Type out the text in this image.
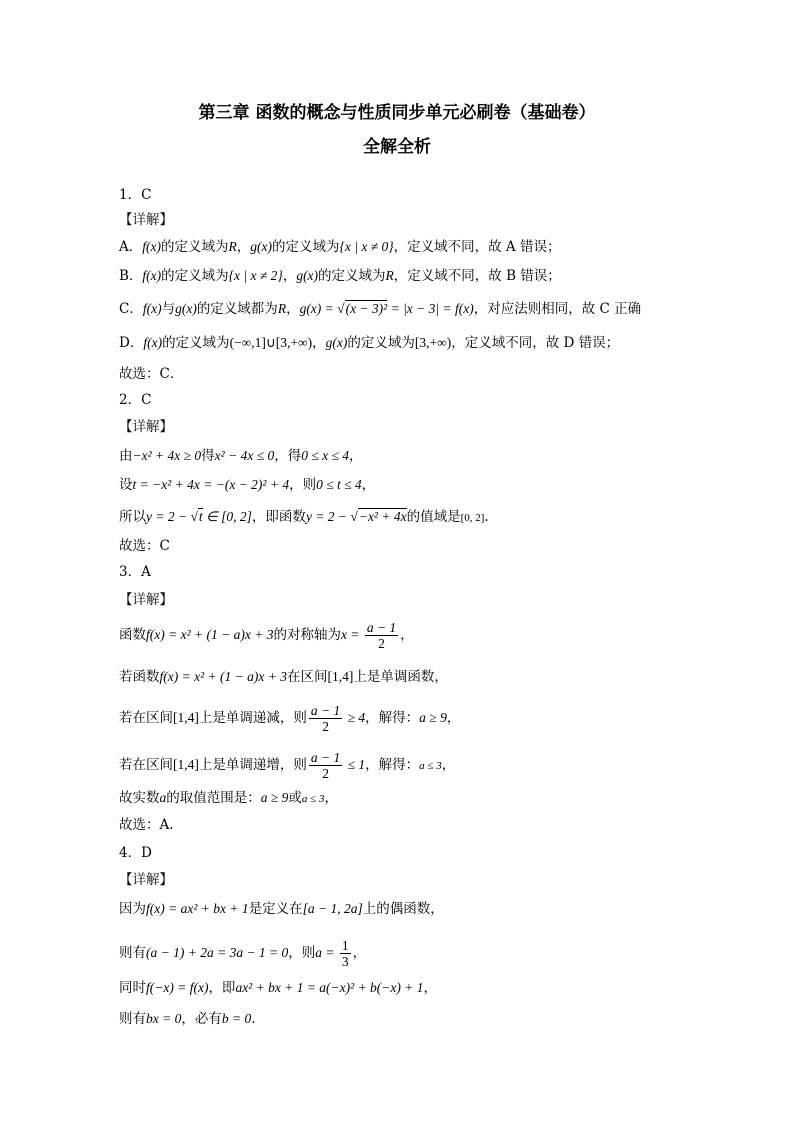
第三章 函数的概念与性质同步单元必刷卷（基础卷）
全解全析
1．C
【详解】
A．f(x)的定义域为R，g(x)的定义域为{x | x ≠ 0}，定义域不同，故 A 错误；
B．f(x)的定义域为{x | x ≠ 2}，g(x)的定义域为R，定义域不同，故 B 错误；
C．f(x)与g(x)的定义域都为R，g(x) = √(x − 3)² = |x − 3| = f(x)，对应法则相同，故 C 正确
D．f(x)的定义域为(−∞,1]∪[3,+∞)，g(x)的定义域为[3,+∞)，定义域不同，故 D 错误；
故选：C．
2．C
【详解】
由−x² + 4x ≥ 0得x² − 4x ≤ 0，得0 ≤ x ≤ 4，
设t = −x² + 4x = −(x − 2)² + 4，则0 ≤ t ≤ 4，
所以y = 2 − √t ∈ [0, 2]，即函数y = 2 − √−x² + 4x的值域是[0, 2].
故选：C
3．A
【详解】
函数f(x) = x² + (1 − a)x + 3的对称轴为$x = \frac{a - 1}{2}$ ，
若函数f(x) = x² + (1 − a)x + 3在区间[1,4]上是单调函数，
若在区间[1,4]上是单调递减，则 $\frac{a - 1}{2} \ge 4$，解得：a ≥ 9，
若在区间[1,4]上是单调递增，则 $\frac{a - 1}{2} \le 1$，解得：a ≤ 3，
故实数a的取值范围是：a ≥ 9或a ≤ 3，
故选：A.
4．D
【详解】
因为f(x) = ax² + bx + 1是定义在[a − 1, 2a]上的偶函数，
则有(a − 1) + 2a = 3a − 1 = 0，则$a = \frac{1}{3}$ ，
同时f(−x) = f(x)，即ax² + bx + 1 = a(−x)² + b(−x) + 1，
则有bx = 0，必有b = 0.
